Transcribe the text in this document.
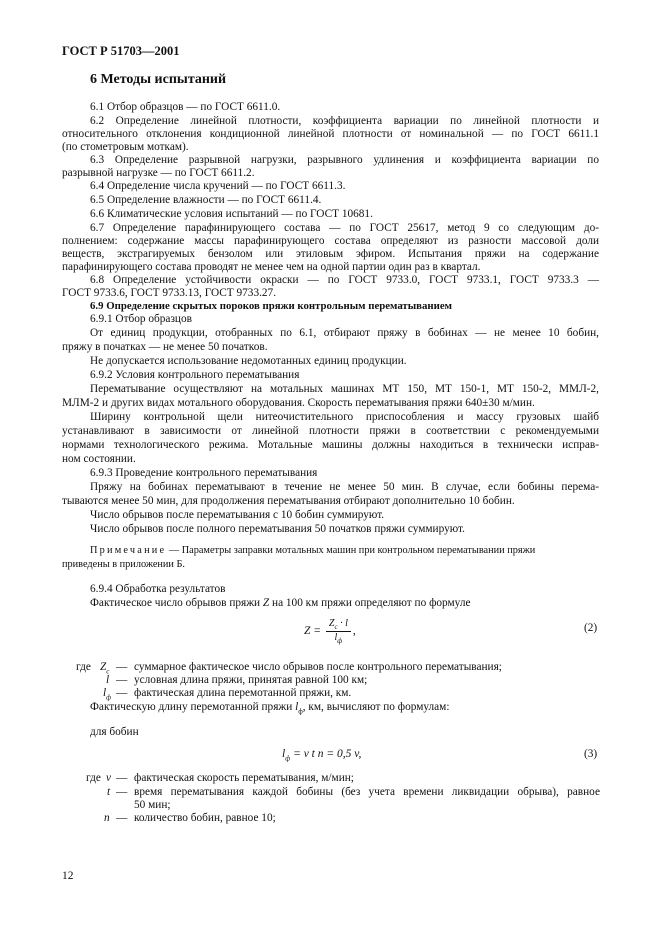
ГОСТ Р 51703—2001
6 Методы испытаний
6.1 Отбор образцов — по ГОСТ 6611.0.
6.2 Определение линейной плотности, коэффициента вариации по линейной плотности и
относительного отклонения кондиционной линейной плотности от номинальной — по ГОСТ 6611.1
(по стометровым моткам).
6.3 Определение разрывной нагрузки, разрывного удлинения и коэффициента вариации по
разрывной нагрузке — по ГОСТ 6611.2.
6.4 Определение числа кручений — по ГОСТ 6611.3.
6.5 Определение влажности — по ГОСТ 6611.4.
6.6 Климатические условия испытаний — по ГОСТ 10681.
6.7 Определение парафинирующего состава — по ГОСТ 25617, метод 9 со следующим до-
полнением: содержание массы парафинирующего состава определяют из разности массовой доли
веществ, экстрагируемых бензолом или этиловым эфиром. Испытания пряжи на содержание
парафинирующего состава проводят не менее чем на одной партии один раз в квартал.
6.8 Определение устойчивости окраски — по ГОСТ 9733.0, ГОСТ 9733.1, ГОСТ 9733.3 —
ГОСТ 9733.6, ГОСТ 9733.13, ГОСТ 9733.27.
6.9 Определение скрытых пороков пряжи контрольным перематыванием
6.9.1 Отбор образцов
От единиц продукции, отобранных по 6.1, отбирают пряжу в бобинах — не менее 10 бобин,
пряжу в початках — не менее 50 початков.
Не допускается использование недомотанных единиц продукции.
6.9.2 Условия контрольного перематывания
Перематывание осуществляют на мотальных машинах МТ 150, МТ 150-1, МТ 150-2, ММЛ-2,
МЛМ-2 и других видах мотального оборудования. Скорость перематывания пряжи 640±30 м/мин.
Ширину контрольной щели нитеочистительного приспособления и массу грузовых шайб
устанавливают в зависимости от линейной плотности пряжи в соответствии с рекомендуемыми
нормами технологического режима. Мотальные машины должны находиться в технически исправ-
ном состоянии.
6.9.3 Проведение контрольного перематывания
Пряжу на бобинах перематывают в течение не менее 50 мин. В случае, если бобины перема-
тываются менее 50 мин, для продолжения перематывания отбирают дополнительно 10 бобин.
Число обрывов после перематывания с 10 бобин суммируют.
Число обрывов после полного перематывания 50 початков пряжи суммируют.
Примечание — Параметры заправки мотальных машин при контрольном перематывании пряжи
приведены в приложении Б.
6.9.4 Обработка результатов
Фактическое число обрывов пряжи Z на 100 км пряжи определяют по формуле
$Z = \frac{Z_c \cdot l}{l_ф}$ ,	(2)
где $Z_c$ — суммарное фактическое число обрывов после контрольного перематывания;
l — условная длина пряжи, принятая равной 100 км;
$l_ф$ — фактическая длина перемотанной пряжи, км.
Фактическую длину перемотанной пряжи $l_ф$, км, вычисляют по формулам:
для бобин
$l_ф = v$ t n = 0,5 v,	(3)
где v — фактическая скорость перематывания, м/мин;
t — время перематывания каждой бобины (без учета времени ликвидации обрыва), равное
50 мин;
n — количество бобин, равное 10;
12
